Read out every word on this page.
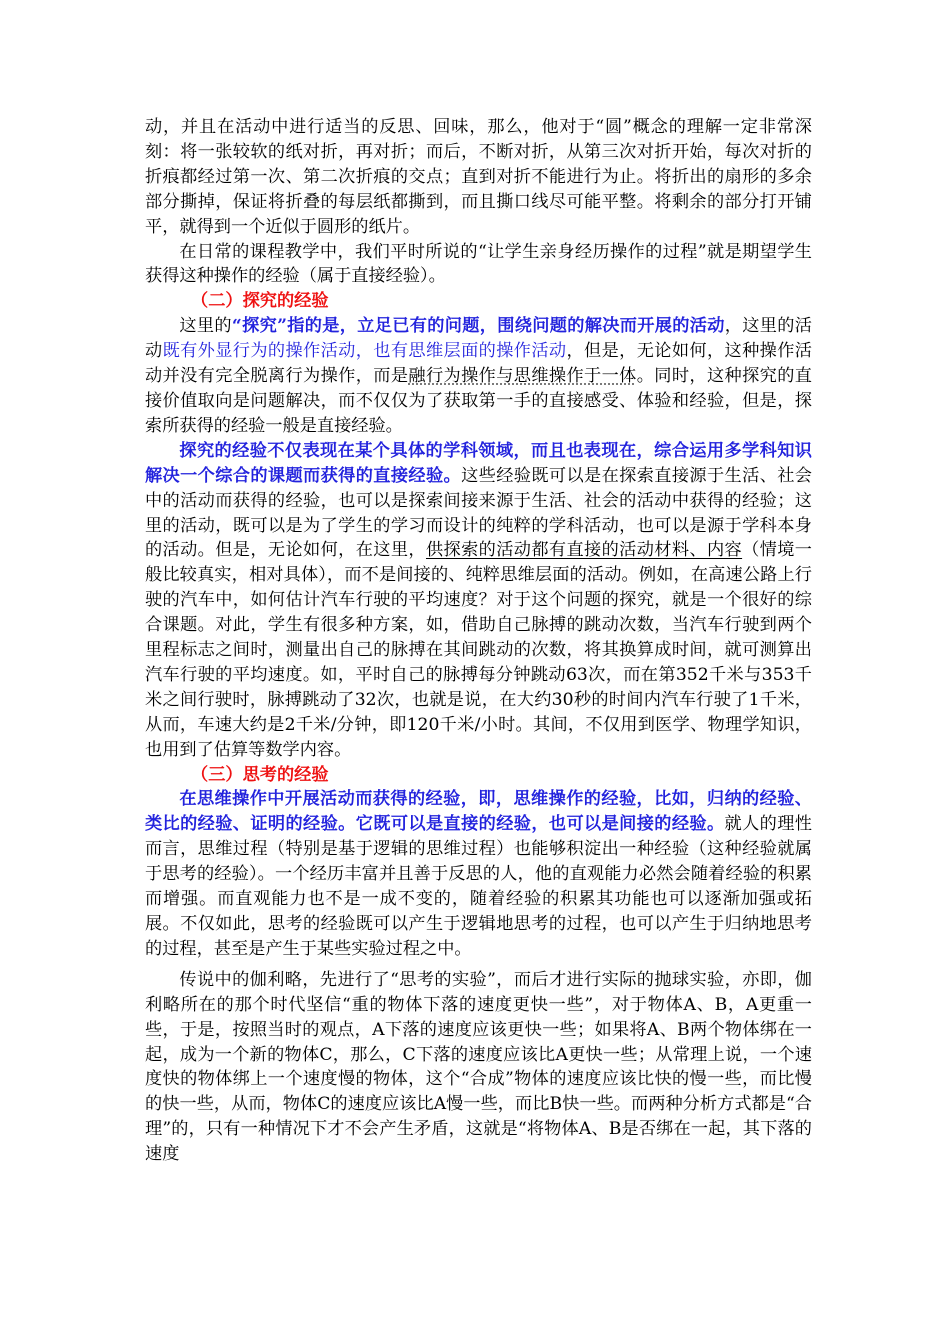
动，并且在活动中进行适当的反思、回味，那么，他对于“圆”概念的理解一定非常深刻：将一张较软的纸对折，再对折；而后，不断对折，从第三次对折开始，每次对折的折痕都经过第一次、第二次折痕的交点；直到对折不能进行为止。将折出的扇形的多余部分撕掉，保证将折叠的每层纸都撕到，而且撕口线尽可能平整。将剩余的部分打开铺平，就得到一个近似于圆形的纸片。

在日常的课程教学中，我们平时所说的“让学生亲身经历操作的过程”就是期望学生获得这种操作的经验（属于直接经验）。

（二）探究的经验

这里的“探究”指的是，立足已有的问题，围绕问题的解决而开展的活动，这里的活动既有外显行为的操作活动，也有思维层面的操作活动，但是，无论如何，这种操作活动并没有完全脱离行为操作，而是融行为操作与思维操作于一体。同时，这种探究的直接价值取向是问题解决，而不仅仅为了获取第一手的直接感受、体验和经验，但是，探索所获得的经验一般是直接经验。

探究的经验不仅表现在某个具体的学科领域，而且也表现在，综合运用多学科知识解决一个综合的课题而获得的直接经验。这些经验既可以是在探索直接源于生活、社会中的活动而获得的经验，也可以是探索间接来源于生活、社会的活动中获得的经验；这里的活动，既可以是为了学生的学习而设计的纯粹的学科活动，也可以是源于学科本身的活动。但是，无论如何，在这里，供探索的活动都有直接的活动材料、内容（情境一般比较真实，相对具体），而不是间接的、纯粹思维层面的活动。例如，在高速公路上行驶的汽车中，如何估计汽车行驶的平均速度？对于这个问题的探究，就是一个很好的综合课题。对此，学生有很多种方案，如，借助自己脉搏的跳动次数，当汽车行驶到两个里程标志之间时，测量出自己的脉搏在其间跳动的次数，将其换算成时间，就可测算出汽车行驶的平均速度。如，平时自己的脉搏每分钟跳动63次，而在第352千米与353千米之间行驶时，脉搏跳动了32次，也就是说，在大约30秒的时间内汽车行驶了1千米，从而，车速大约是2千米/分钟，即120千米/小时。其间，不仅用到医学、物理学知识，也用到了估算等数学内容。

（三）思考的经验

在思维操作中开展活动而获得的经验，即，思维操作的经验，比如，归纳的经验、类比的经验、证明的经验。它既可以是直接的经验，也可以是间接的经验。就人的理性而言，思维过程（特别是基于逻辑的思维过程）也能够积淀出一种经验（这种经验就属于思考的经验）。一个经历丰富并且善于反思的人，他的直观能力必然会随着经验的积累而增强。而直观能力也不是一成不变的，随着经验的积累其功能也可以逐渐加强或拓展。不仅如此，思考的经验既可以产生于逻辑地思考的过程，也可以产生于归纳地思考的过程，甚至是产生于某些实验过程之中。

传说中的伽利略，先进行了“思考的实验”，而后才进行实际的抛球实验，亦即，伽利略所在的那个时代坚信“重的物体下落的速度更快一些”，对于物体A、B，A更重一些，于是，按照当时的观点，A下落的速度应该更快一些；如果将A、B两个物体绑在一起，成为一个新的物体C，那么，C下落的速度应该比A更快一些；从常理上说，一个速度快的物体绑上一个速度慢的物体，这个“合成”物体的速度应该比快的慢一些，而比慢的快一些，从而，物体C的速度应该比A慢一些，而比B快一些。而两种分析方式都是“合理”的，只有一种情况下才不会产生矛盾，这就是“将物体A、B是否绑在一起，其下落的速度
